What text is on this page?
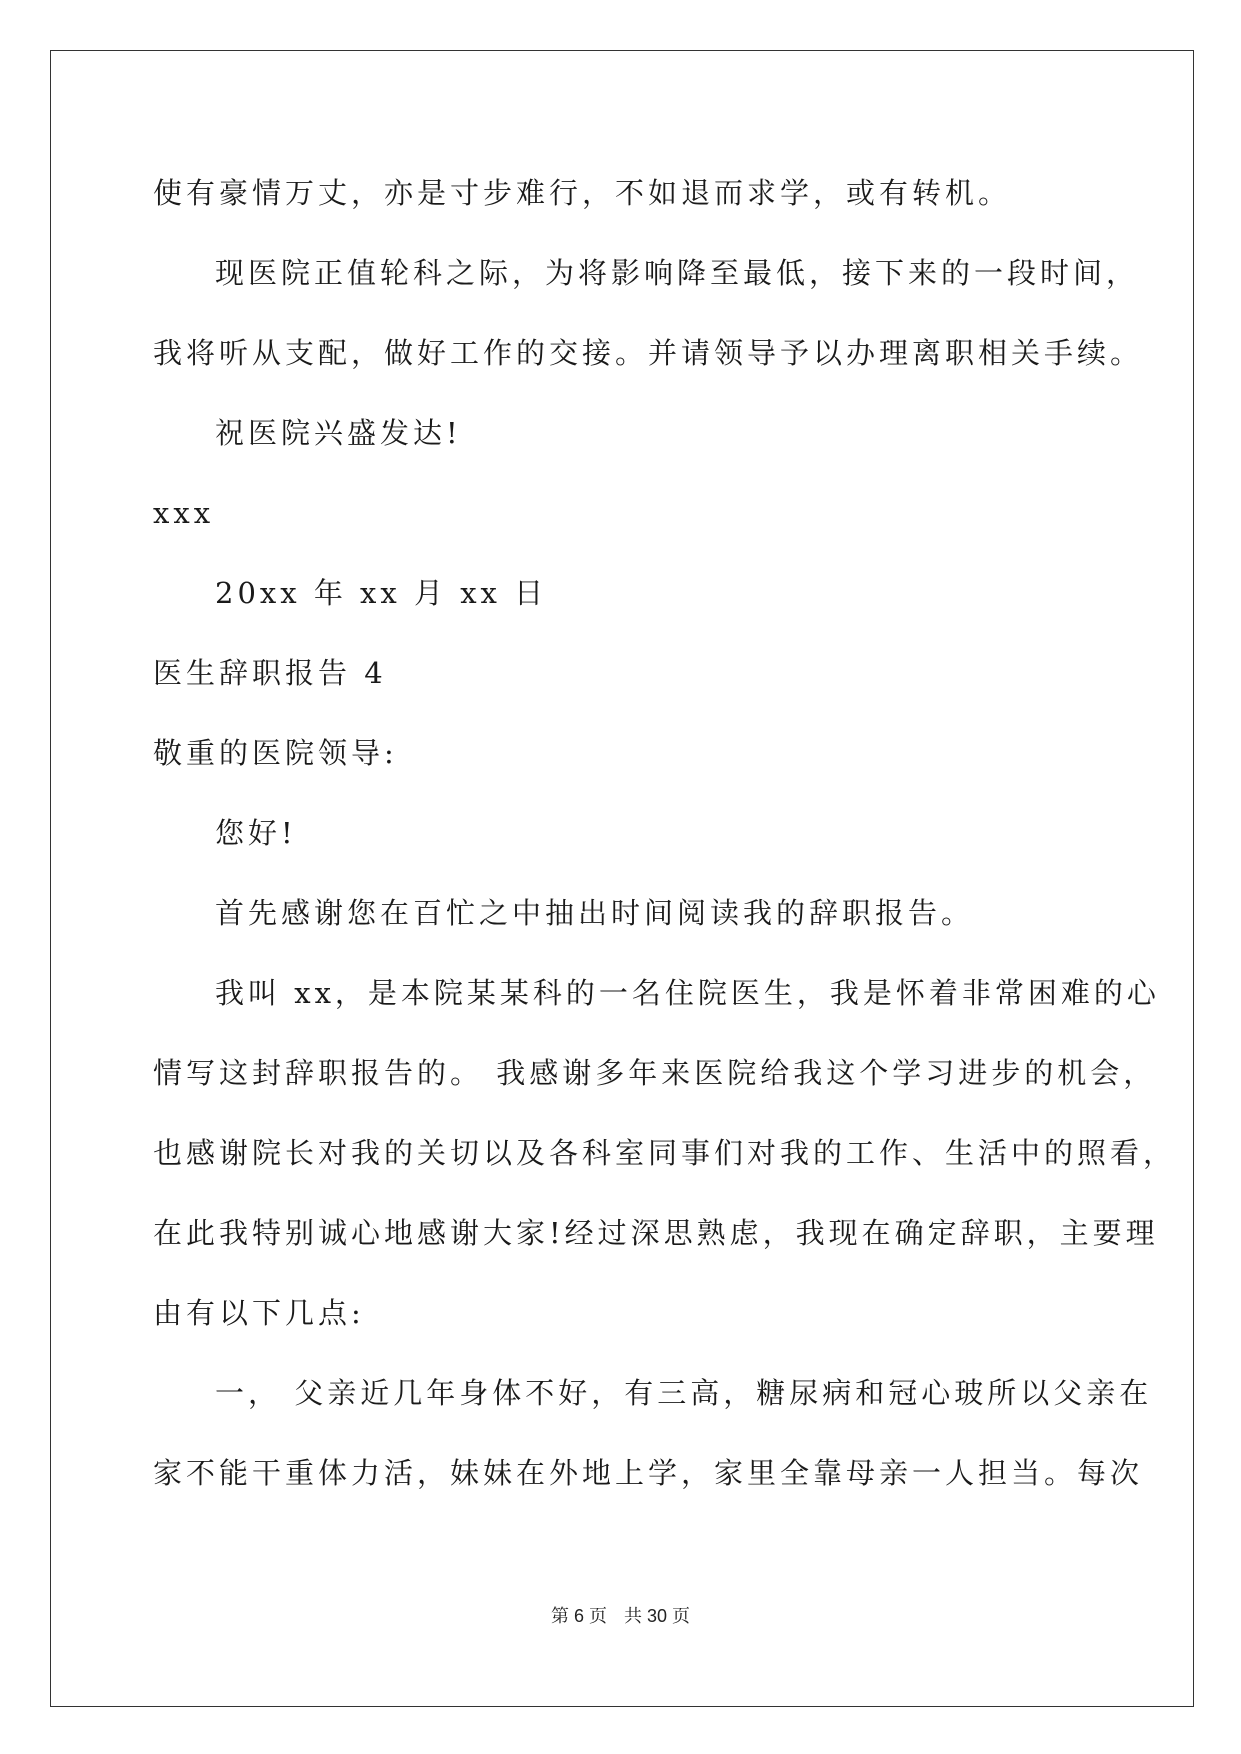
使有豪情万丈，亦是寸步难行，不如退而求学，或有转机。
现医院正值轮科之际，为将影响降至最低，接下来的一段时间，
我将听从支配，做好工作的交接。并请领导予以办理离职相关手续。
祝医院兴盛发达!
xxx
20xx 年 xx 月 xx 日
医生辞职报告 4
敬重的医院领导:
您好!
首先感谢您在百忙之中抽出时间阅读我的辞职报告。
我叫 xx，是本院某某科的一名住院医生，我是怀着非常困难的心
情写这封辞职报告的。 我感谢多年来医院给我这个学习进步的机会，
也感谢院长对我的关切以及各科室同事们对我的工作、生活中的照看，
在此我特别诚心地感谢大家!经过深思熟虑，我现在确定辞职，主要理
由有以下几点:
一， 父亲近几年身体不好，有三高，糖尿病和冠心玻所以父亲在
家不能干重体力活，妹妹在外地上学，家里全靠母亲一人担当。每次
第 6 页 共 30 页
